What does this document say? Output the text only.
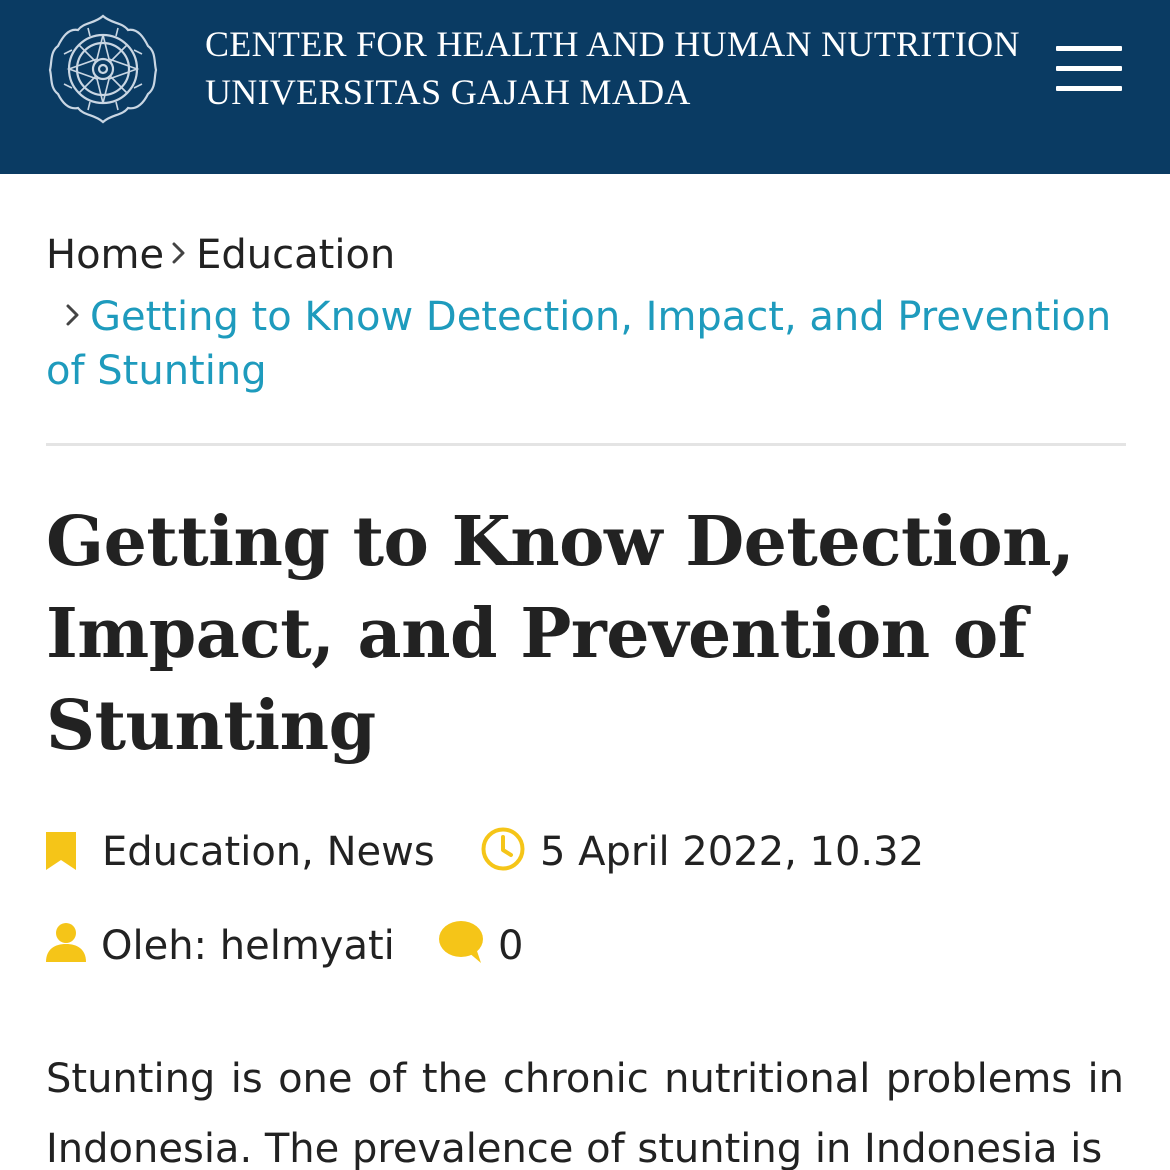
CENTER FOR HEALTH AND HUMAN NUTRITION
UNIVERSITAS GAJAH MADA
Home Education
Getting to Know Detection, Impact, and Prevention of Stunting
Getting to Know Detection, Impact, and Prevention of Stunting
Education, News	5 April 2022, 10.32
Oleh: helmyati	0

Stunting is one of the chronic nutritional problems in Indonesia. The prevalence of stunting in Indonesia is
